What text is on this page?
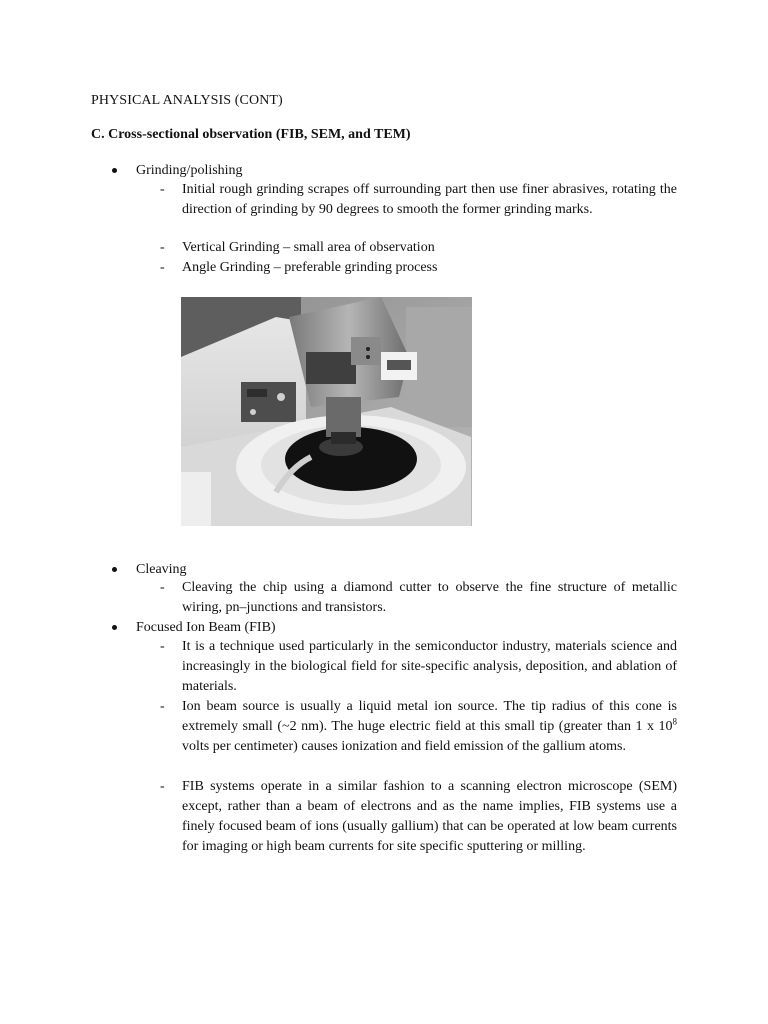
PHYSICAL ANALYSIS (CONT)
C. Cross-sectional observation (FIB, SEM, and TEM)
Grinding/polishing
- Initial rough grinding scrapes off surrounding part then use finer abrasives, rotating the direction of grinding by 90 degrees to smooth the former grinding marks.
- Vertical Grinding – small area of observation
- Angle Grinding – preferable grinding process
Cleaving
- Cleaving the chip using a diamond cutter to observe the fine structure of metallic wiring, pn–junctions and transistors.
Focused Ion Beam (FIB)
- It is a technique used particularly in the semiconductor industry, materials science and increasingly in the biological field for site-specific analysis, deposition, and ablation of materials.
- Ion beam source is usually a liquid metal ion source. The tip radius of this cone is extremely small (~2 nm). The huge electric field at this small tip (greater than 1 x $10^8$ volts per centimeter) causes ionization and field emission of the gallium atoms.
- FIB systems operate in a similar fashion to a scanning electron microscope (SEM) except, rather than a beam of electrons and as the name implies, FIB systems use a finely focused beam of ions (usually gallium) that can be operated at low beam currents for imaging or high beam currents for site specific sputtering or milling.
